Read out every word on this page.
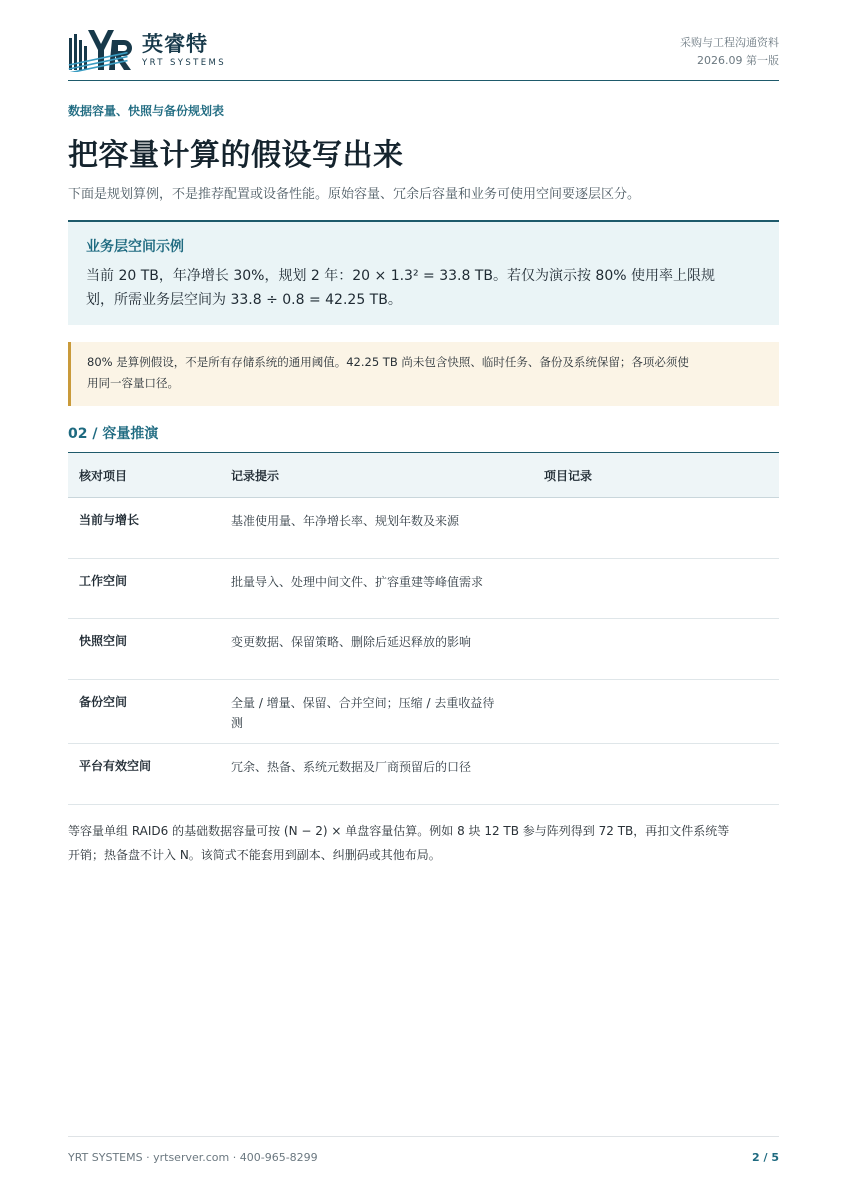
英睿特
YRT SYSTEMS
采购与工程沟通资料
2026.09 第一版
数据容量、快照与备份规划表
把容量计算的假设写出来
下面是规划算例，不是推荐配置或设备性能。原始容量、冗余后容量和业务可使用空间要逐层区分。
业务层空间示例
当前 20 TB，年净增长 30%，规划 2 年：20 × 1.3² = 33.8 TB。若仅为演示按 80% 使用率上限规
划，所需业务层空间为 33.8 ÷ 0.8 = 42.25 TB。
80% 是算例假设，不是所有存储系统的通用阈值。42.25 TB 尚未包含快照、临时任务、备份及系统保留；各项必须使
用同一容量口径。
02 / 容量推演
核对项目	记录提示	项目记录
当前与增长	基准使用量、年净增长率、规划年数及来源
工作空间	批量导入、处理中间文件、扩容重建等峰值需求
快照空间	变更数据、保留策略、删除后延迟释放的影响
备份空间	全量 / 增量、保留、合并空间；压缩 / 去重收益待
测
平台有效空间	冗余、热备、系统元数据及厂商预留后的口径
等容量单组 RAID6 的基础数据容量可按 (N − 2) × 单盘容量估算。例如 8 块 12 TB 参与阵列得到 72 TB，再扣文件系统等
开销；热备盘不计入 N。该简式不能套用到副本、纠删码或其他布局。
YRT SYSTEMS · yrtserver.com · 400-965-8299	2 / 5
